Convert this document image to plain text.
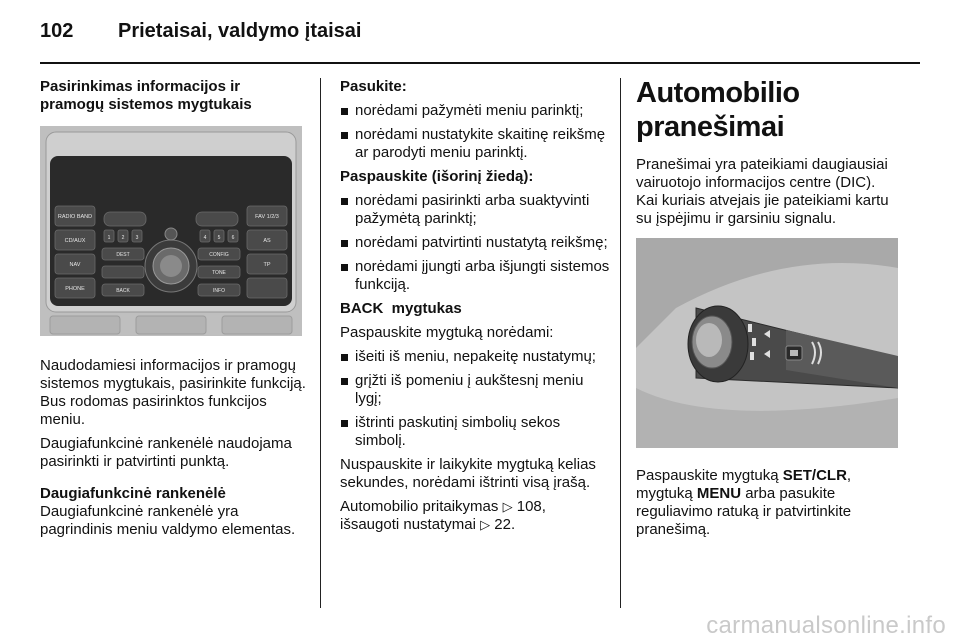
102 Prietaisai, valdymo įtaisai
Pasirinkimas informacijos ir pramogų sistemos mygtukais
RADIO BAND
CD/AUX
NAV
PHONE
FAV 1/2/3
AS
TP
1 2 3	4 5 6
DEST	CONFIG
TONE
BACK	INFO

Naudodamiesi informacijos ir pramogų sistemos mygtukais, pasirinkite funkciją. Bus rodomas pasirinktos funkcijos meniu.

Daugiafunkcinė rankenėlė naudojama pasirinkti ir patvirtinti punktą.

Daugiafunkcinė rankenėlė

Daugiafunkcinė rankenėlė yra pagrindinis meniu valdymo elementas.

Pasukite:
norėdami pažymėti meniu parinktį;
norėdami nustatykite skaitinę reikšmę ar parodyti meniu parinktį.
Paspauskite (išorinį žiedą):
norėdami pasirinkti arba suaktyvinti pažymėtą parinktį;
norėdami patvirtinti nustatytą reikšmę;
norėdami įjungti arba išjungti sistemos funkciją.
BACK  mygtukas

Paspauskite mygtuką norėdami:

išeiti iš meniu, nepakeitę nustatymų;
grįžti iš pomeniu į aukštesnį meniu lygį;
ištrinti paskutinį simbolių sekos simbolį.

Nuspauskite ir laikykite mygtuką kelias sekundes, norėdami ištrinti visą įrašą.

Automobilio pritaikymas ▷ 108,
išsaugoti nustatymai ▷ 22.

Automobilio pranešimai

Pranešimai yra pateikiami daugiausiai vairuotojo informacijos centre (DIC). Kai kuriais atvejais jie pateikiami kartu su įspėjimu ir garsiniu signalu.

Paspauskite mygtuką SET/CLR, mygtuką MENU arba pasukite reguliavimo ratuką ir patvirtinkite pranešimą.

carmanualsonline.info
